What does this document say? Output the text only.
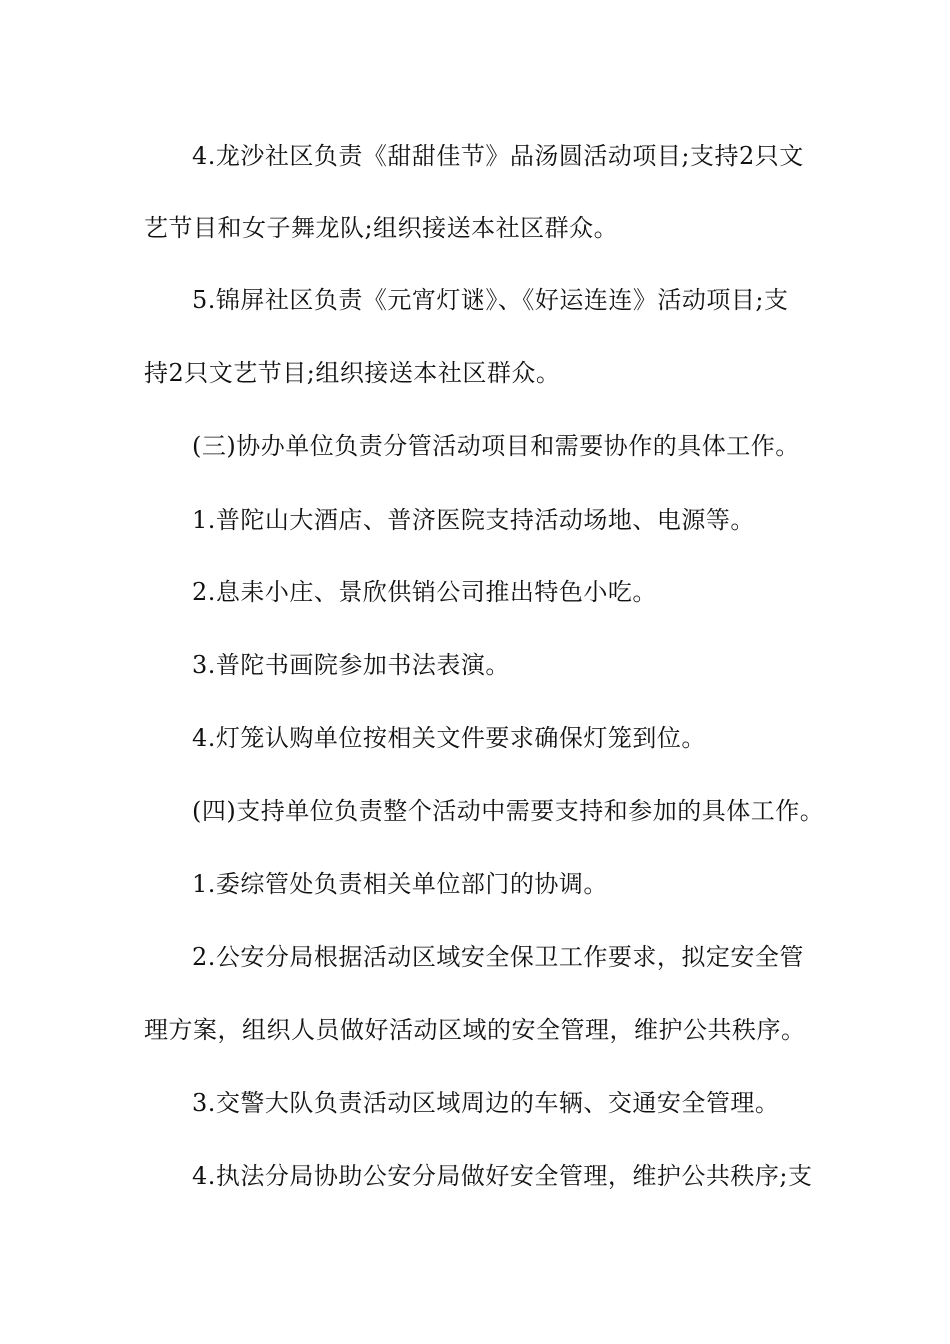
4.龙沙社区负责《甜甜佳节》品汤圆活动项目;支持2只文
艺节目和女子舞龙队;组织接送本社区群众。
5.锦屏社区负责《元宵灯谜》、《好运连连》活动项目;支
持2只文艺节目;组织接送本社区群众。
(三)协办单位负责分管活动项目和需要协作的具体工作。
1.普陀山大酒店、普济医院支持活动场地、电源等。
2.息耒小庄、景欣供销公司推出特色小吃。
3.普陀书画院参加书法表演。
4.灯笼认购单位按相关文件要求确保灯笼到位。
(四)支持单位负责整个活动中需要支持和参加的具体工作。
1.委综管处负责相关单位部门的协调。
2.公安分局根据活动区域安全保卫工作要求，拟定安全管
理方案，组织人员做好活动区域的安全管理，维护公共秩序。
3.交警大队负责活动区域周边的车辆、交通安全管理。
4.执法分局协助公安分局做好安全管理，维护公共秩序;支
